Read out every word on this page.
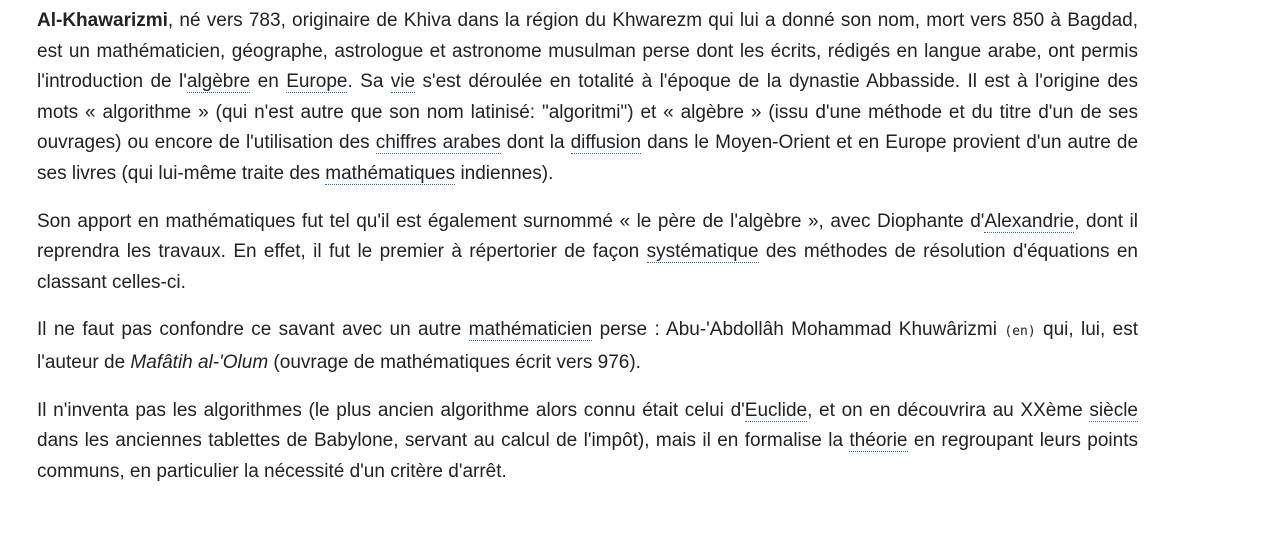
Al-Khawarizmi, né vers 783, originaire de Khiva dans la région du Khwarezm qui lui a donné son nom, mort vers 850 à Bagdad, est un mathématicien, géographe, astrologue et astronome musulman perse dont les écrits, rédigés en langue arabe, ont permis l'introduction de l'algèbre en Europe. Sa vie s'est déroulée en totalité à l'époque de la dynastie Abbasside. Il est à l'origine des mots « algorithme » (qui n'est autre que son nom latinisé: "algoritmi") et « algèbre » (issu d'une méthode et du titre d'un de ses ouvrages) ou encore de l'utilisation des chiffres arabes dont la diffusion dans le Moyen-Orient et en Europe provient d'un autre de ses livres (qui lui-même traite des mathématiques indiennes).

Son apport en mathématiques fut tel qu'il est également surnommé « le père de l'algèbre », avec Diophante d'Alexandrie, dont il reprendra les travaux. En effet, il fut le premier à répertorier de façon systématique des méthodes de résolution d'équations en classant celles-ci.

Il ne faut pas confondre ce savant avec un autre mathématicien perse : Abu-'Abdollâh Mohammad Khuwârizmi (en) qui, lui, est l'auteur de Mafâtih al-'Olum (ouvrage de mathématiques écrit vers 976).

Il n'inventa pas les algorithmes (le plus ancien algorithme alors connu était celui d'Euclide, et on en découvrira au XXème siècle dans les anciennes tablettes de Babylone, servant au calcul de l'impôt), mais il en formalise la théorie en regroupant leurs points communs, en particulier la nécessité d'un critère d'arrêt.
